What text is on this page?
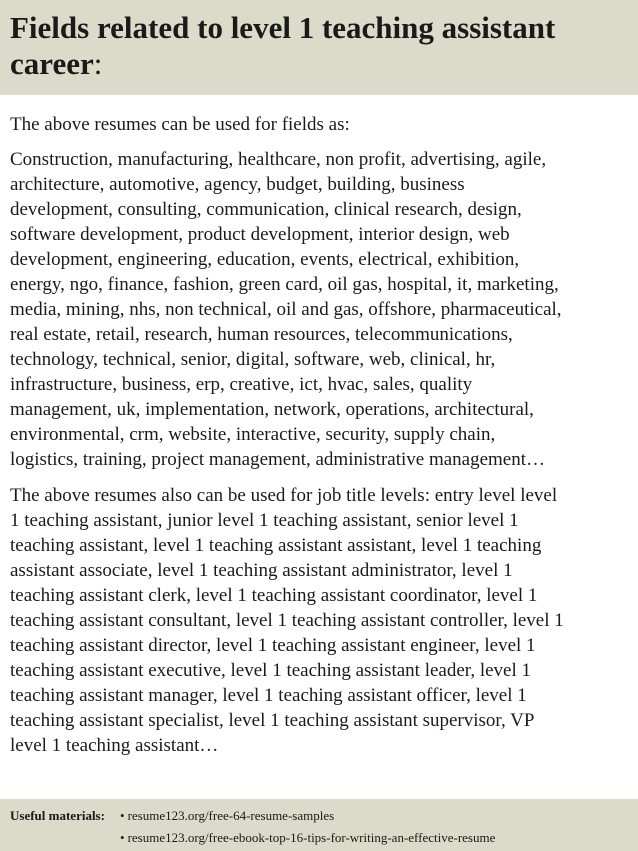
Fields related to level 1 teaching assistant career:

The above resumes can be used for fields as:

Construction, manufacturing, healthcare, non profit, advertising, agile,
architecture, automotive, agency, budget, building, business
development, consulting, communication, clinical research, design,
software development, product development, interior design, web
development, engineering, education, events, electrical, exhibition,
energy, ngo, finance, fashion, green card, oil gas, hospital, it, marketing,
media, mining, nhs, non technical, oil and gas, offshore, pharmaceutical,
real estate, retail, research, human resources, telecommunications,
technology, technical, senior, digital, software, web, clinical, hr,
infrastructure, business, erp, creative, ict, hvac, sales, quality
management, uk, implementation, network, operations, architectural,
environmental, crm, website, interactive, security, supply chain,
logistics, training, project management, administrative management…

The above resumes also can be used for job title levels: entry level level
1 teaching assistant, junior level 1 teaching assistant, senior level 1
teaching assistant, level 1 teaching assistant assistant, level 1 teaching
assistant associate, level 1 teaching assistant administrator, level 1
teaching assistant clerk, level 1 teaching assistant coordinator, level 1
teaching assistant consultant, level 1 teaching assistant controller, level 1
teaching assistant director, level 1 teaching assistant engineer, level 1
teaching assistant executive, level 1 teaching assistant leader, level 1
teaching assistant manager, level 1 teaching assistant officer, level 1
teaching assistant specialist, level 1 teaching assistant supervisor, VP
level 1 teaching assistant…

Useful materials: • resume123.org/free-64-resume-samples
• resume123.org/free-ebook-top-16-tips-for-writing-an-effective-resume
